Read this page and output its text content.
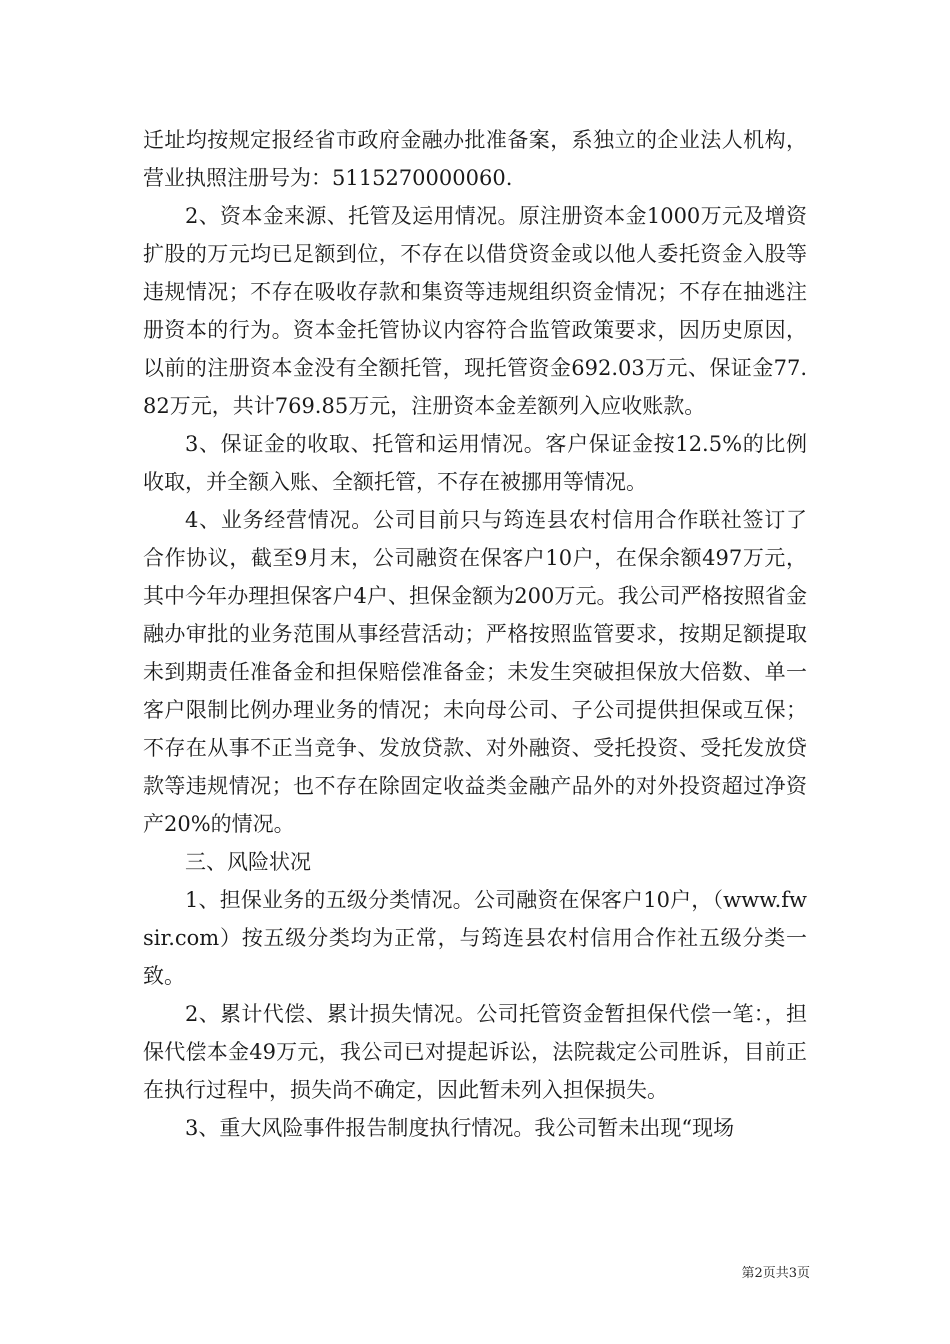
迁址均按规定报经省市政府金融办批准备案，系独立的企业法人机构，营业执照注册号为：5115270000060.

2、资本金来源、托管及运用情况。原注册资本金1000万元及增资扩股的万元均已足额到位，不存在以借贷资金或以他人委托资金入股等违规情况；不存在吸收存款和集资等违规组织资金情况；不存在抽逃注册资本的行为。资本金托管协议内容符合监管政策要求，因历史原因，以前的注册资本金没有全额托管，现托管资金692.03万元、保证金77.82万元，共计769.85万元，注册资本金差额列入应收账款。

3、保证金的收取、托管和运用情况。客户保证金按12.5%的比例收取，并全额入账、全额托管，不存在被挪用等情况。

4、业务经营情况。公司目前只与筠连县农村信用合作联社签订了合作协议，截至9月末，公司融资在保客户10户，在保余额497万元，其中今年办理担保客户4户、担保金额为200万元。我公司严格按照省金融办审批的业务范围从事经营活动；严格按照监管要求，按期足额提取未到期责任准备金和担保赔偿准备金；未发生突破担保放大倍数、单一客户限制比例办理业务的情况；未向母公司、子公司提供担保或互保；不存在从事不正当竞争、发放贷款、对外融资、受托投资、受托发放贷款等违规情况；也不存在除固定收益类金融产品外的对外投资超过净资产20%的情况。

三、风险状况

1、担保业务的五级分类情况。公司融资在保客户10户，（www.fwsir.com）按五级分类均为正常，与筠连县农村信用合作社五级分类一致。

2、累计代偿、累计损失情况。公司托管资金暂担保代偿一笔：，担保代偿本金49万元，我公司已对提起诉讼，法院裁定公司胜诉，目前正在执行过程中，损失尚不确定，因此暂未列入担保损失。

3、重大风险事件报告制度执行情况。我公司暂未出现“现场

第2页共3页
